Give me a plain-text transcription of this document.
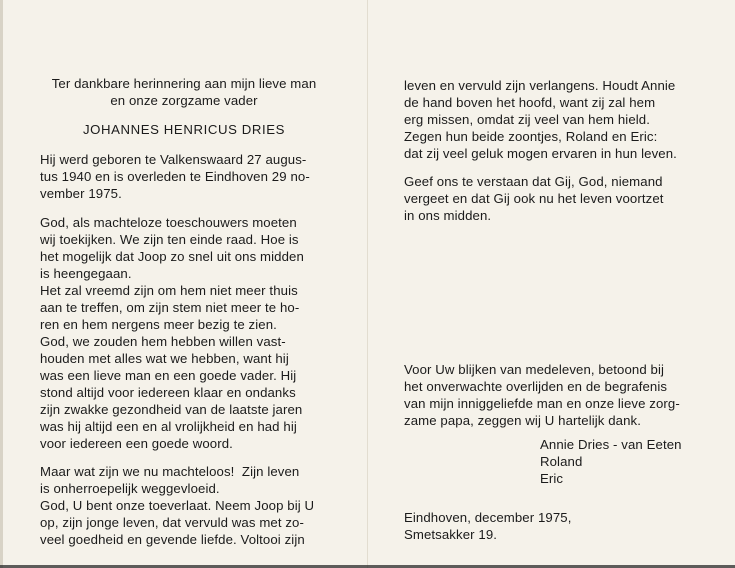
Ter dankbare herinnering aan mijn lieve man
en onze zorgzame vader
JOHANNES HENRICUS DRIES
Hij werd geboren te Valkenswaard 27 augus-
tus 1940 en is overleden te Eindhoven 29 no-
vember 1975.
God, als machteloze toeschouwers moeten
wij toekijken. We zijn ten einde raad. Hoe is
het mogelijk dat Joop zo snel uit ons midden
is heengegaan.
Het zal vreemd zijn om hem niet meer thuis
aan te treffen, om zijn stem niet meer te ho-
ren en hem nergens meer bezig te zien.
God, we zouden hem hebben willen vast-
houden met alles wat we hebben, want hij
was een lieve man en een goede vader. Hij
stond altijd voor iedereen klaar en ondanks
zijn zwakke gezondheid van de laatste jaren
was hij altijd een en al vrolijkheid en had hij
voor iedereen een goede woord.
Maar wat zijn we nu machteloos!  Zijn leven
is onherroepelijk weggevloeid.
God, U bent onze toeverlaat. Neem Joop bij U
op, zijn jonge leven, dat vervuld was met zo-
veel goedheid en gevende liefde. Voltooi zijn
leven en vervuld zijn verlangens. Houdt Annie
de hand boven het hoofd, want zij zal hem
erg missen, omdat zij veel van hem hield.
Zegen hun beide zoontjes, Roland en Eric:
dat zij veel geluk mogen ervaren in hun leven.
Geef ons te verstaan dat Gij, God, niemand
vergeet en dat Gij ook nu het leven voortzet
in ons midden.
Voor Uw blijken van medeleven, betoond bij
het onverwachte overlijden en de begrafenis
van mijn inniggeliefde man en onze lieve zorg-
zame papa, zeggen wij U hartelijk dank.
Annie Dries - van Eeten
Roland
Eric
Eindhoven, december 1975,
Smetsakker 19.
